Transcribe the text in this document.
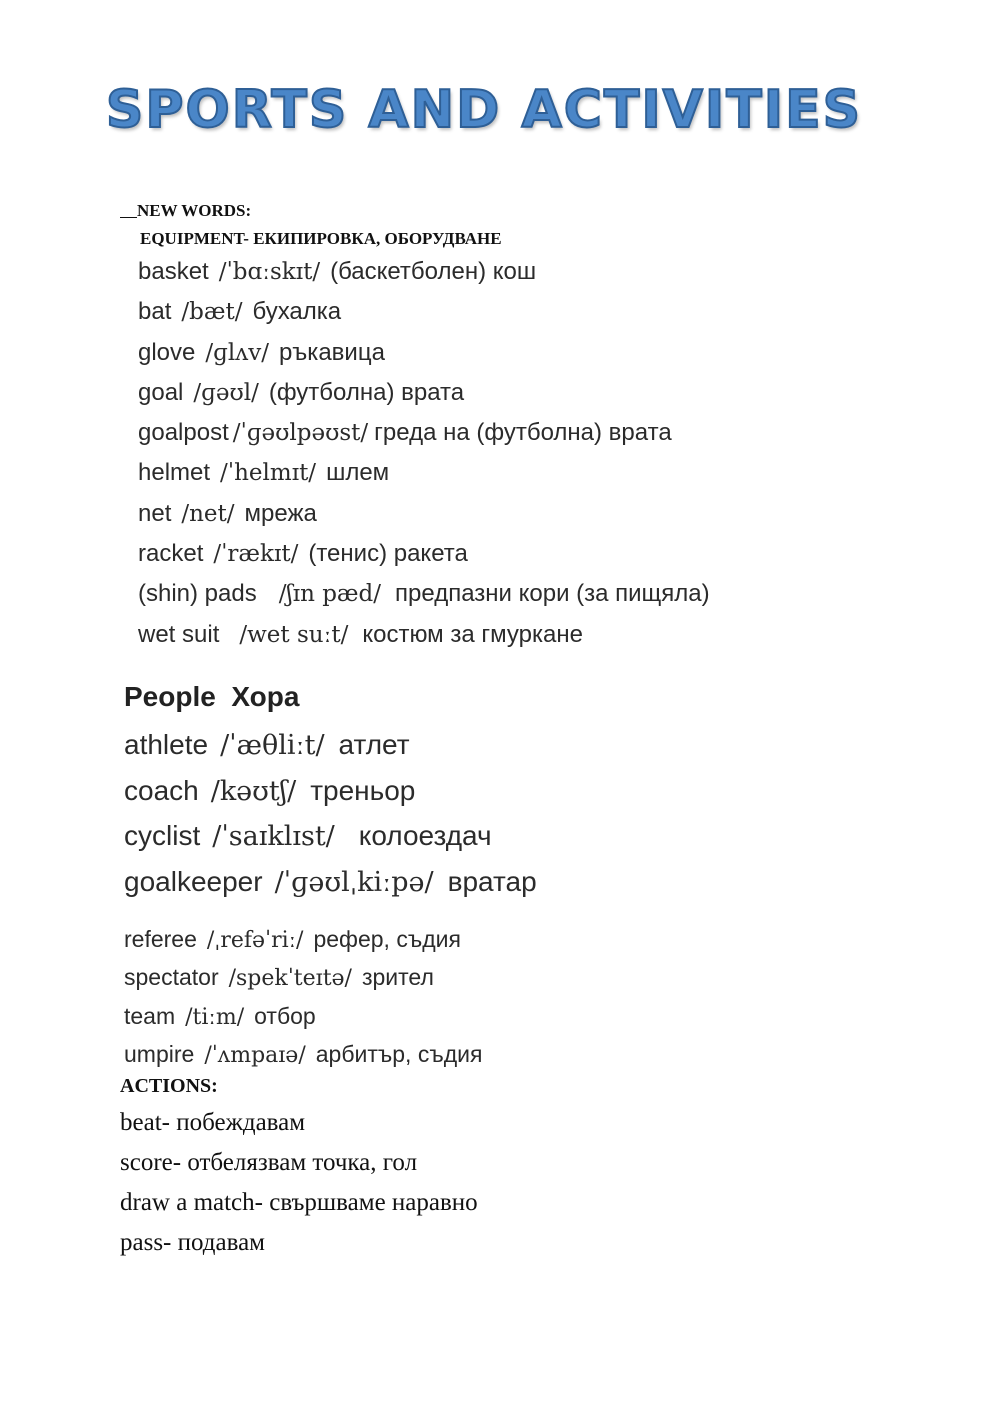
SPORTS AND ACTIVITIES
NEW WORDS:
EQUIPMENT- ЕКИПИРОВКА, ОБОРУДВАНЕ
basket /ˈbɑːskɪt/ (баскетболен) кош
bat /bæt/ бухалка
glove /ɡlʌv/ ръкавица
goal /ɡəʊl/ (футболна) врата
goalpost /ˈɡəʊlpəʊst/ греда на (футболна) врата
helmet /ˈhelmɪt/ шлем
net /net/ мрежа
racket /ˈrækɪt/ (тенис) ракета
(shin) pads /ʃɪn pæd/ предпазни кори (за пищяла)
wet suit /wet suːt/ костюм за гмуркане
People  Хора
athlete /ˈæθliːt/ атлет
coach /kəʊtʃ/ треньор
cyclist /ˈsaɪklɪst/ колоездач
goalkeeper /ˈɡəʊlˌkiːpə/ вратар
referee /ˌrefəˈriː/ рефер, съдия
spectator /spekˈteɪtə/ зрител
team /tiːm/ отбор
umpire /ˈʌmpaɪə/ арбитър, съдия
ACTIONS:
beat- побеждавам
score- отбелязвам точка, гол
draw a match- свършваме наравно
pass- подавам
